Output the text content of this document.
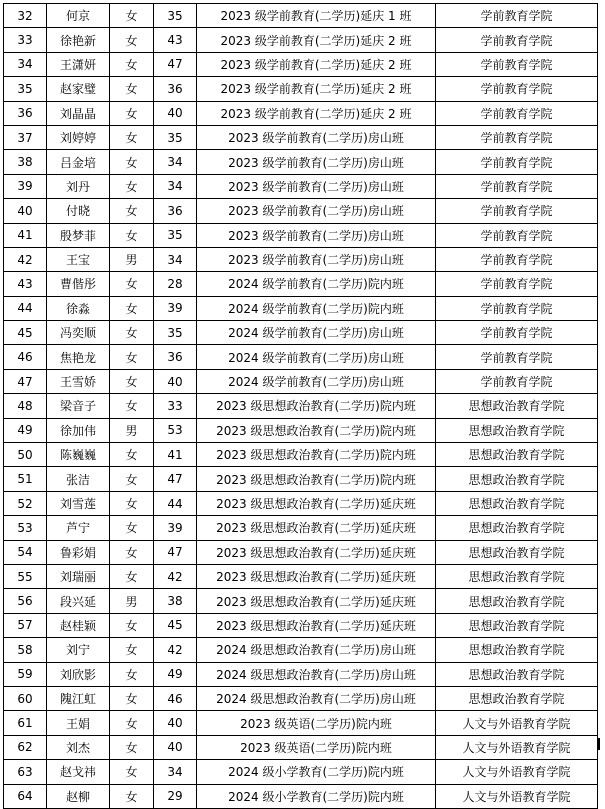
32	何京	女	35	2023 级学前教育(二学历)延庆 1 班	学前教育学院
33	徐艳新	女	43	2023 级学前教育(二学历)延庆 2 班	学前教育学院
34	王潇妍	女	47	2023 级学前教育(二学历)延庆 2 班	学前教育学院
35	赵家璧	女	36	2023 级学前教育(二学历)延庆 2 班	学前教育学院
36	刘晶晶	女	40	2023 级学前教育(二学历)延庆 2 班	学前教育学院
37	刘婷婷	女	35	2023 级学前教育(二学历)房山班	学前教育学院
38	吕金培	女	34	2023 级学前教育(二学历)房山班	学前教育学院
39	刘丹	女	34	2023 级学前教育(二学历)房山班	学前教育学院
40	付晓	女	36	2023 级学前教育(二学历)房山班	学前教育学院
41	殷梦菲	女	35	2023 级学前教育(二学历)房山班	学前教育学院
42	王宝	男	34	2023 级学前教育(二学历)房山班	学前教育学院
43	曹偕彤	女	28	2024 级学前教育(二学历)院内班	学前教育学院
44	徐淼	女	39	2024 级学前教育(二学历)院内班	学前教育学院
45	冯奕顺	女	35	2024 级学前教育(二学历)房山班	学前教育学院
46	焦艳龙	女	36	2024 级学前教育(二学历)房山班	学前教育学院
47	王雪娇	女	40	2024 级学前教育(二学历)房山班	学前教育学院
48	梁音子	女	33	2023 级思想政治教育(二学历)院内班	思想政治教育学院
49	徐加伟	男	53	2023 级思想政治教育(二学历)院内班	思想政治教育学院
50	陈巍巍	女	41	2023 级思想政治教育(二学历)院内班	思想政治教育学院
51	张洁	女	47	2023 级思想政治教育(二学历)院内班	思想政治教育学院
52	刘雪莲	女	44	2023 级思想政治教育(二学历)延庆班	思想政治教育学院
53	芦宁	女	39	2023 级思想政治教育(二学历)延庆班	思想政治教育学院
54	鲁彩娟	女	47	2023 级思想政治教育(二学历)延庆班	思想政治教育学院
55	刘瑞丽	女	42	2023 级思想政治教育(二学历)延庆班	思想政治教育学院
56	段兴延	男	38	2023 级思想政治教育(二学历)延庆班	思想政治教育学院
57	赵桂颖	女	45	2023 级思想政治教育(二学历)延庆班	思想政治教育学院
58	刘宁	女	42	2024 级思想政治教育(二学历)房山班	思想政治教育学院
59	刘欣影	女	49	2024 级思想政治教育(二学历)房山班	思想政治教育学院
60	隗江虹	女	46	2024 级思想政治教育(二学历)房山班	思想政治教育学院
61	王娟	女	40	2023 级英语(二学历)院内班	人文与外语教育学院
62	刘杰	女	40	2023 级英语(二学历)院内班	人文与外语教育学院
63	赵戈祎	女	34	2024 级小学教育(二学历)院内班	人文与外语教育学院
64	赵柳	女	29	2024 级小学教育(二学历)院内班	人文与外语教育学院
